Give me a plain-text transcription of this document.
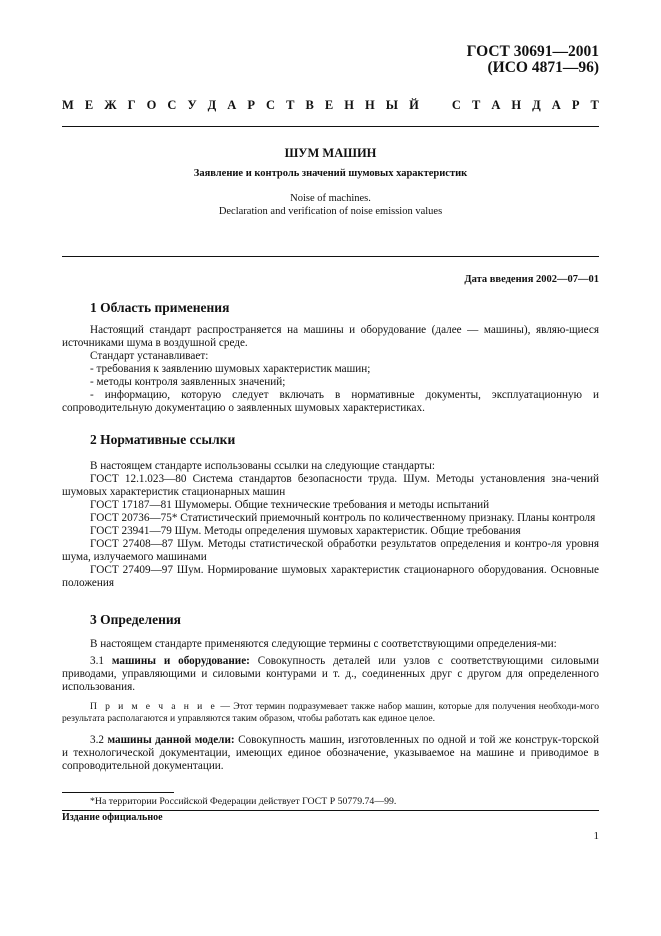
ГОСТ 30691—2001
(ИСО 4871—96)
М Е Ж Г О С У Д А Р С Т В Е Н Н Ы Й	С Т А Н Д А Р Т
ШУМ МАШИН
Заявление и контроль значений шумовых характеристик
Noise of machines.
Declaration and verification of noise emission values
Дата введения 2002—07—01
1 Область применения

Настоящий стандарт распространяется на машины и оборудование (далее — машины), являю-щиеся источниками шума в воздушной среде.

Стандарт устанавливает:

- требования к заявлению шумовых характеристик машин;

- методы контроля заявленных значений;

- информацию, которую следует включать в нормативные документы, эксплуатационную и сопроводительную документацию о заявленных шумовых характеристиках.

2 Нормативные ссылки

В настоящем стандарте использованы ссылки на следующие стандарты:

ГОСТ 12.1.023—80 Система стандартов безопасности труда. Шум. Методы установления зна-чений шумовых характеристик стационарных машин

ГОСТ 17187—81 Шумомеры. Общие технические требования и методы испытаний

ГОСТ 20736—75* Статистический приемочный контроль по количественному признаку. Планы контроля

ГОСТ 23941—79 Шум. Методы определения шумовых характеристик. Общие требования

ГОСТ 27408—87 Шум. Методы статистической обработки результатов определения и контро-ля уровня шума, излучаемого машинами

ГОСТ 27409—97 Шум. Нормирование шумовых характеристик стационарного оборудования. Основные положения

3 Определения

В настоящем стандарте применяются следующие термины с соответствующими определения-ми:

3.1 машины и оборудование: Совокупность деталей или узлов с соответствующими силовыми приводами, управляющими и силовыми контурами и т. д., соединенных друг с другом для определенного использования.

П р и м е ч а н и е — Этот термин подразумевает также набор машин, которые для получения необходи-мого результата располагаются и управляются таким образом, чтобы работать как единое целое.

3.2 машины данной модели: Совокупность машин, изготовленных по одной и той же конструк-торской и технологической документации, имеющих единое обозначение, указываемое на машине и приводимое в сопроводительной документации.

*На территории Российской Федерации действует ГОСТ Р 50779.74—99.
Издание официальное
1
